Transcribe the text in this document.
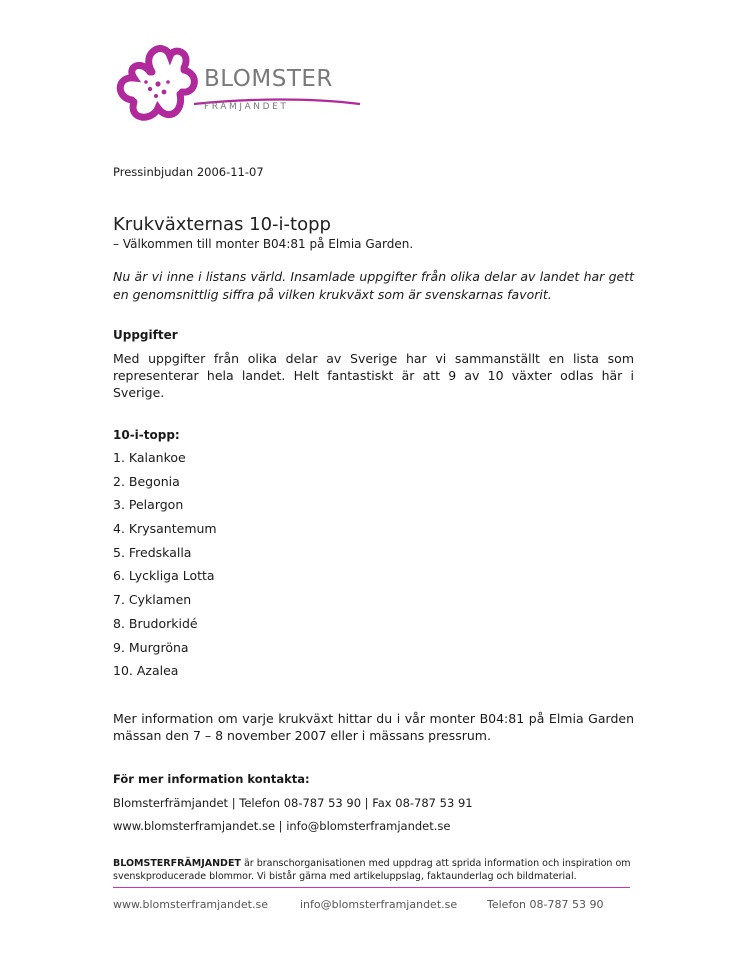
BLOMSTER
FRÄMJANDET
Pressinbjudan 2006-11-07
Krukväxternas 10-i-topp
– Välkommen till monter B04:81 på Elmia Garden.
Nu är vi inne i listans värld. Insamlade uppgifter från olika delar av landet har gett en genomsnittlig siffra på vilken krukväxt som är svenskarnas favorit.
Uppgifter
Med uppgifter från olika delar av Sverige har vi sammanställt en lista som representerar hela landet. Helt fantastiskt är att 9 av 10 växter odlas här i Sverige.
10-i-topp:
1. Kalankoe
2. Begonia
3. Pelargon
4. Krysantemum
5. Fredskalla
6. Lyckliga Lotta
7. Cyklamen
8. Brudorkidé
9. Murgröna
10. Azalea
Mer information om varje krukväxt hittar du i vår monter B04:81 på Elmia Garden mässan den 7 – 8 november 2007 eller i mässans pressrum.
För mer information kontakta:
Blomsterfrämjandet | Telefon 08-787 53 90 | Fax 08-787 53 91
www.blomsterframjandet.se | info@blomsterframjandet.se
BLOMSTERFRÄMJANDET är branschorganisationen med uppdrag att sprida information och inspiration om svenskproducerade blommor. Vi bistår gärna med artikeluppslag, faktaunderlag och bildmaterial.
www.blomsterframjandet.se	info@blomsterframjandet.se	Telefon 08-787 53 90
